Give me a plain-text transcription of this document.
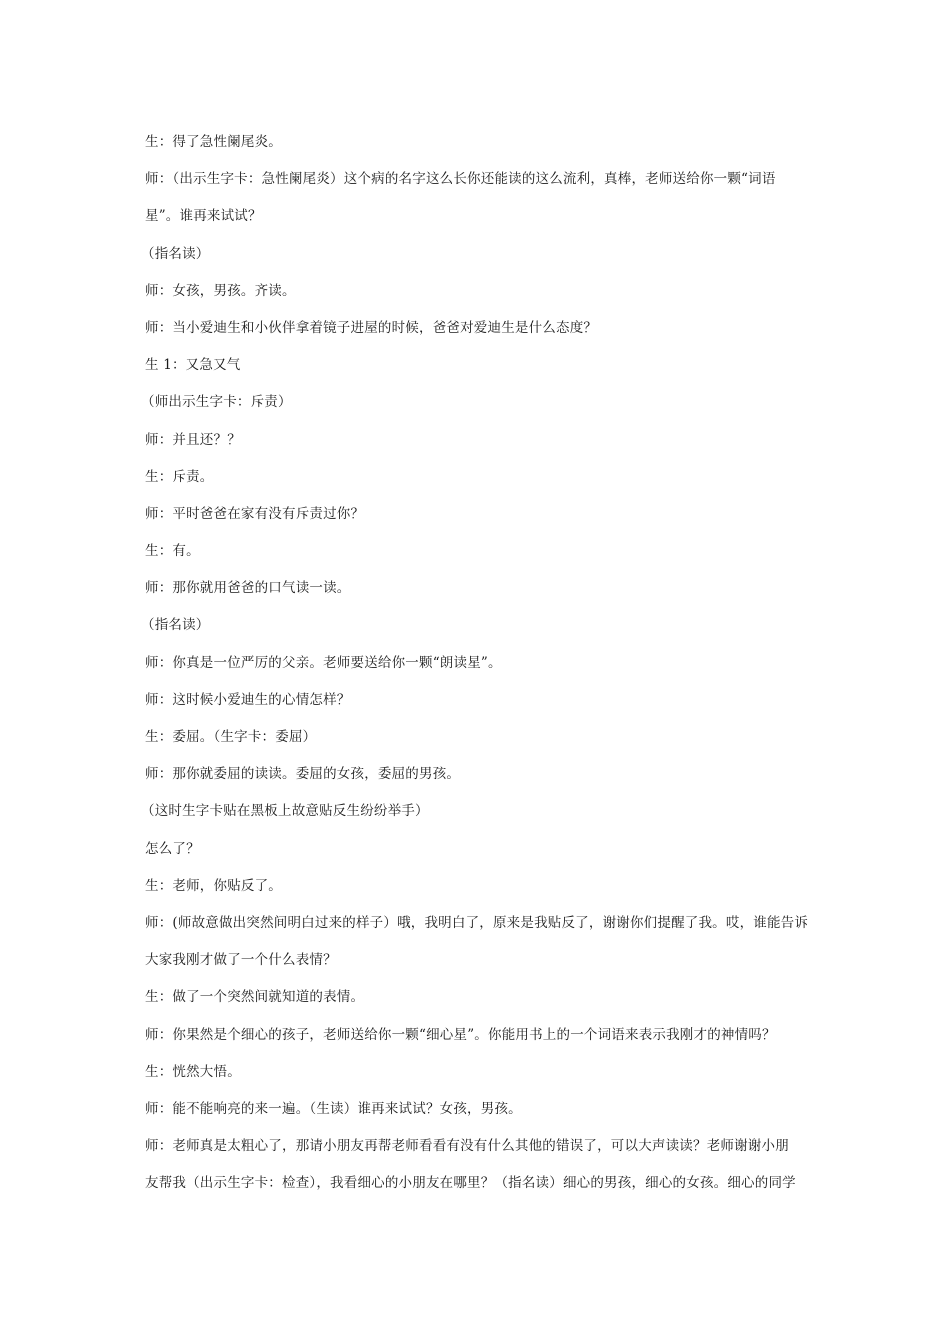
生：得了急性阑尾炎。
师：（出示生字卡：急性阑尾炎）这个病的名字这么长你还能读的这么流利，真棒，老师送给你一颗“词语
星”。谁再来试试？
（指名读）
师：女孩，男孩。齐读。
师：当小爱迪生和小伙伴拿着镜子进屋的时候，爸爸对爱迪生是什么态度？
生 1：又急又气
（师出示生字卡：斥责）
师：并且还？？
生：斥责。
师：平时爸爸在家有没有斥责过你？
生：有。
师：那你就用爸爸的口气读一读。
（指名读）
师：你真是一位严厉的父亲。老师要送给你一颗“朗读星”。
师：这时候小爱迪生的心情怎样？
生：委屈。（生字卡：委屈）
师：那你就委屈的读读。委屈的女孩，委屈的男孩。
（这时生字卡贴在黑板上故意贴反生纷纷举手）
怎么了？
生：老师，你贴反了。
师：(师故意做出突然间明白过来的样子）哦，我明白了，原来是我贴反了，谢谢你们提醒了我。哎，谁能告诉
大家我刚才做了一个什么表情？
生：做了一个突然间就知道的表情。
师：你果然是个细心的孩子，老师送给你一颗“细心星”。你能用书上的一个词语来表示我刚才的神情吗？
生：恍然大悟。
师：能不能响亮的来一遍。（生读）谁再来试试？女孩，男孩。
师：老师真是太粗心了，那请小朋友再帮老师看看有没有什么其他的错误了，可以大声读读？老师谢谢小朋
友帮我（出示生字卡：检查），我看细心的小朋友在哪里？（指名读）细心的男孩，细心的女孩。细心的同学
